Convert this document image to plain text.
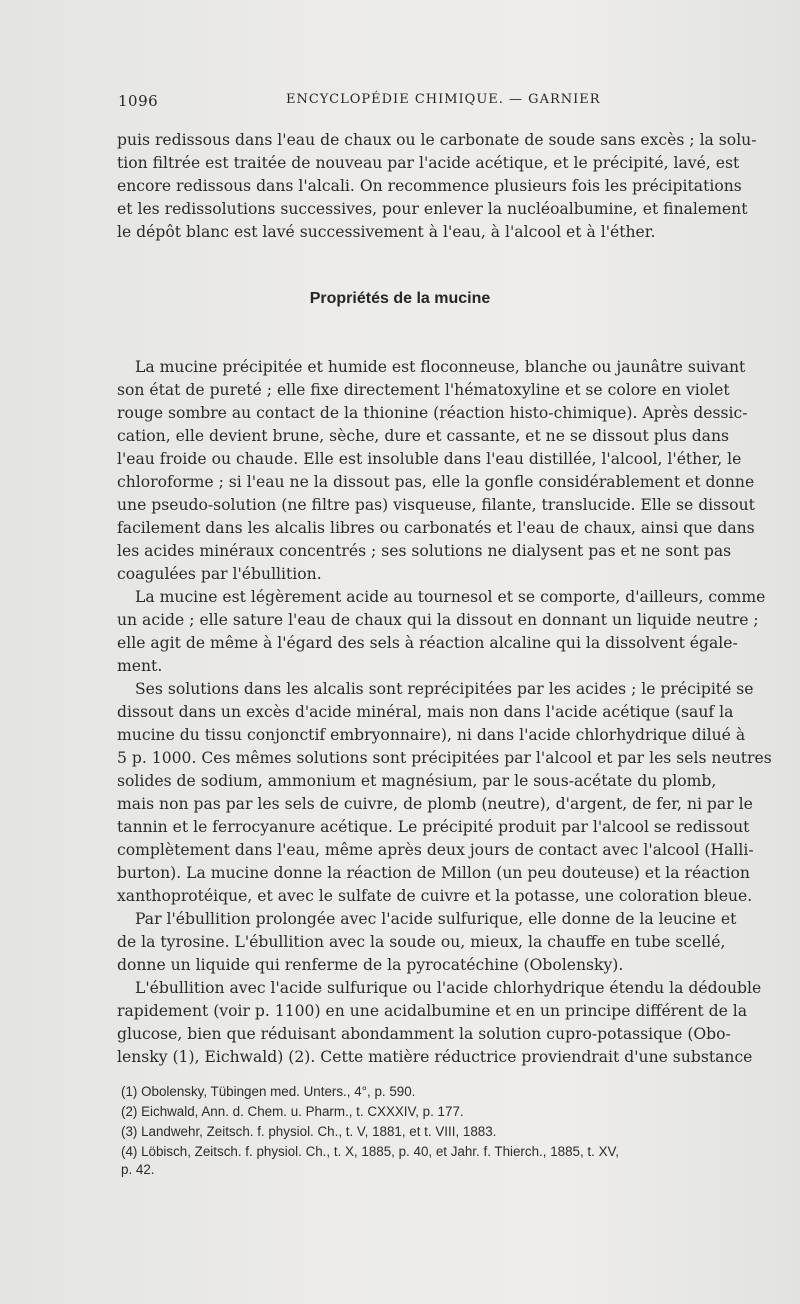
1096	ENCYCLOPÉDIE CHIMIQUE. — GARNIER
puis redissous dans l'eau de chaux ou le carbonate de soude sans excès ; la solu-
tion filtrée est traitée de nouveau par l'acide acétique, et le précipité, lavé, est
encore redissous dans l'alcali. On recommence plusieurs fois les précipitations
et les redissolutions successives, pour enlever la nucléoalbumine, et finalement
le dépôt blanc est lavé successivement à l'eau, à l'alcool et à l'éther.
Propriétés de la mucine
La mucine précipitée et humide est floconneuse, blanche ou jaunâtre suivant
son état de pureté ; elle fixe directement l'hématoxyline et se colore en violet
rouge sombre au contact de la thionine (réaction histo-chimique). Après dessic-
cation, elle devient brune, sèche, dure et cassante, et ne se dissout plus dans
l'eau froide ou chaude. Elle est insoluble dans l'eau distillée, l'alcool, l'éther, le
chloroforme ; si l'eau ne la dissout pas, elle la gonfle considérablement et donne
une pseudo-solution (ne filtre pas) visqueuse, filante, translucide. Elle se dissout
facilement dans les alcalis libres ou carbonatés et l'eau de chaux, ainsi que dans
les acides minéraux concentrés ; ses solutions ne dialysent pas et ne sont pas
coagulées par l'ébullition.
La mucine est légèrement acide au tournesol et se comporte, d'ailleurs, comme
un acide ; elle sature l'eau de chaux qui la dissout en donnant un liquide neutre ;
elle agit de même à l'égard des sels à réaction alcaline qui la dissolvent égale-
ment.
Ses solutions dans les alcalis sont reprécipitées par les acides ; le précipité se
dissout dans un excès d'acide minéral, mais non dans l'acide acétique (sauf la
mucine du tissu conjonctif embryonnaire), ni dans l'acide chlorhydrique dilué à
5 p. 1000. Ces mêmes solutions sont précipitées par l'alcool et par les sels neutres
solides de sodium, ammonium et magnésium, par le sous-acétate du plomb,
mais non pas par les sels de cuivre, de plomb (neutre), d'argent, de fer, ni par le
tannin et le ferrocyanure acétique. Le précipité produit par l'alcool se redissout
complètement dans l'eau, même après deux jours de contact avec l'alcool (Halli-
burton). La mucine donne la réaction de Millon (un peu douteuse) et la réaction
xanthoprotéique, et avec le sulfate de cuivre et la potasse, une coloration bleue.
Par l'ébullition prolongée avec l'acide sulfurique, elle donne de la leucine et
de la tyrosine. L'ébullition avec la soude ou, mieux, la chauffe en tube scellé,
donne un liquide qui renferme de la pyrocatéchine (Obolensky).
L'ébullition avec l'acide sulfurique ou l'acide chlorhydrique étendu la dédouble
rapidement (voir p. 1100) en une acidalbumine et en un principe différent de la
glucose, bien que réduisant abondamment la solution cupro-potassique (Obo-
lensky (1), Eichwald) (2). Cette matière réductrice proviendrait d'une substance
(1) Obolensky, Tübingen med. Unters., 4°, p. 590.
(2) Eichwald, Ann. d. Chem. u. Pharm., t. CXXXIV, p. 177.
(3) Landwehr, Zeitsch. f. physiol. Ch., t. V, 1881, et t. VIII, 1883.
(4) Löbisch, Zeitsch. f. physiol. Ch., t. X, 1885, p. 40, et Jahr. f. Thierch., 1885, t. XV,
p. 42.
